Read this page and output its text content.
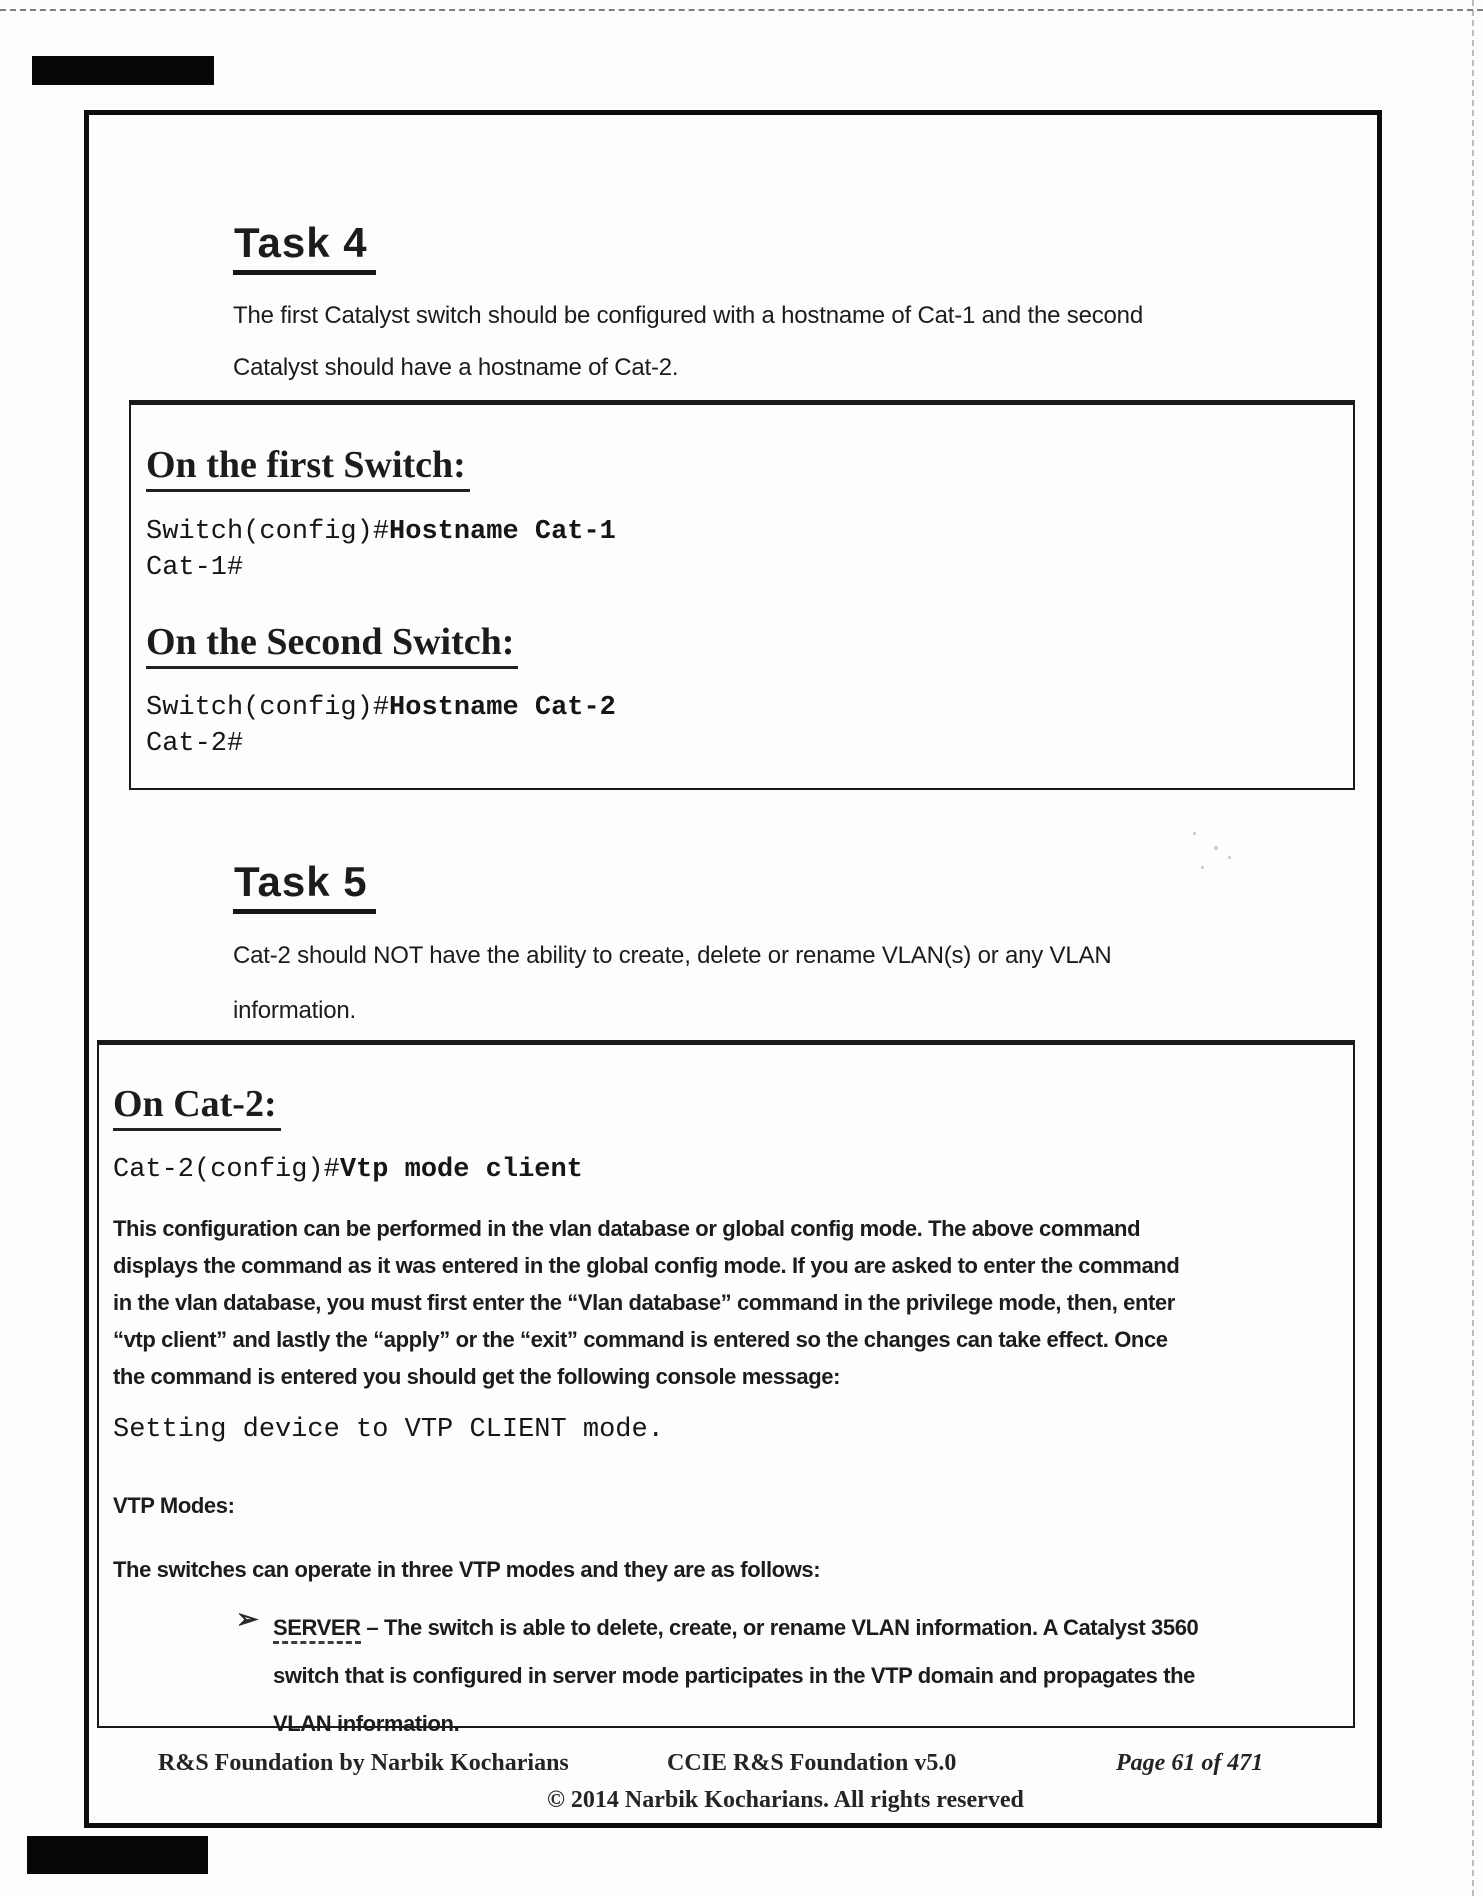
Task 4
The first Catalyst switch should be configured with a hostname of Cat-1 and the second
Catalyst should have a hostname of Cat-2.
On the first Switch:
Switch(config)#Hostname Cat-1
Cat-1#
On the Second Switch:
Switch(config)#Hostname Cat-2
Cat-2#
Task 5
Cat-2 should NOT have the ability to create, delete or rename VLAN(s) or any VLAN
information.
On Cat-2:
Cat-2(config)#Vtp mode client
This configuration can be performed in the vlan database or global config mode. The above command
displays the command as it was entered in the global config mode. If you are asked to enter the command
in the vlan database, you must first enter the “Vlan database” command in the privilege mode, then, enter
“vtp client” and lastly the “apply” or the “exit” command is entered so the changes can take effect. Once
the command is entered you should get the following console message:
Setting device to VTP CLIENT mode.
VTP Modes:
The switches can operate in three VTP modes and they are as follows:
➢ SERVER – The switch is able to delete, create, or rename VLAN information. A Catalyst 3560
switch that is configured in server mode participates in the VTP domain and propagates the
VLAN information.
R&S Foundation by Narbik Kocharians	CCIE R&S Foundation v5.0	Page 61 of 471
© 2014 Narbik Kocharians. All rights reserved
